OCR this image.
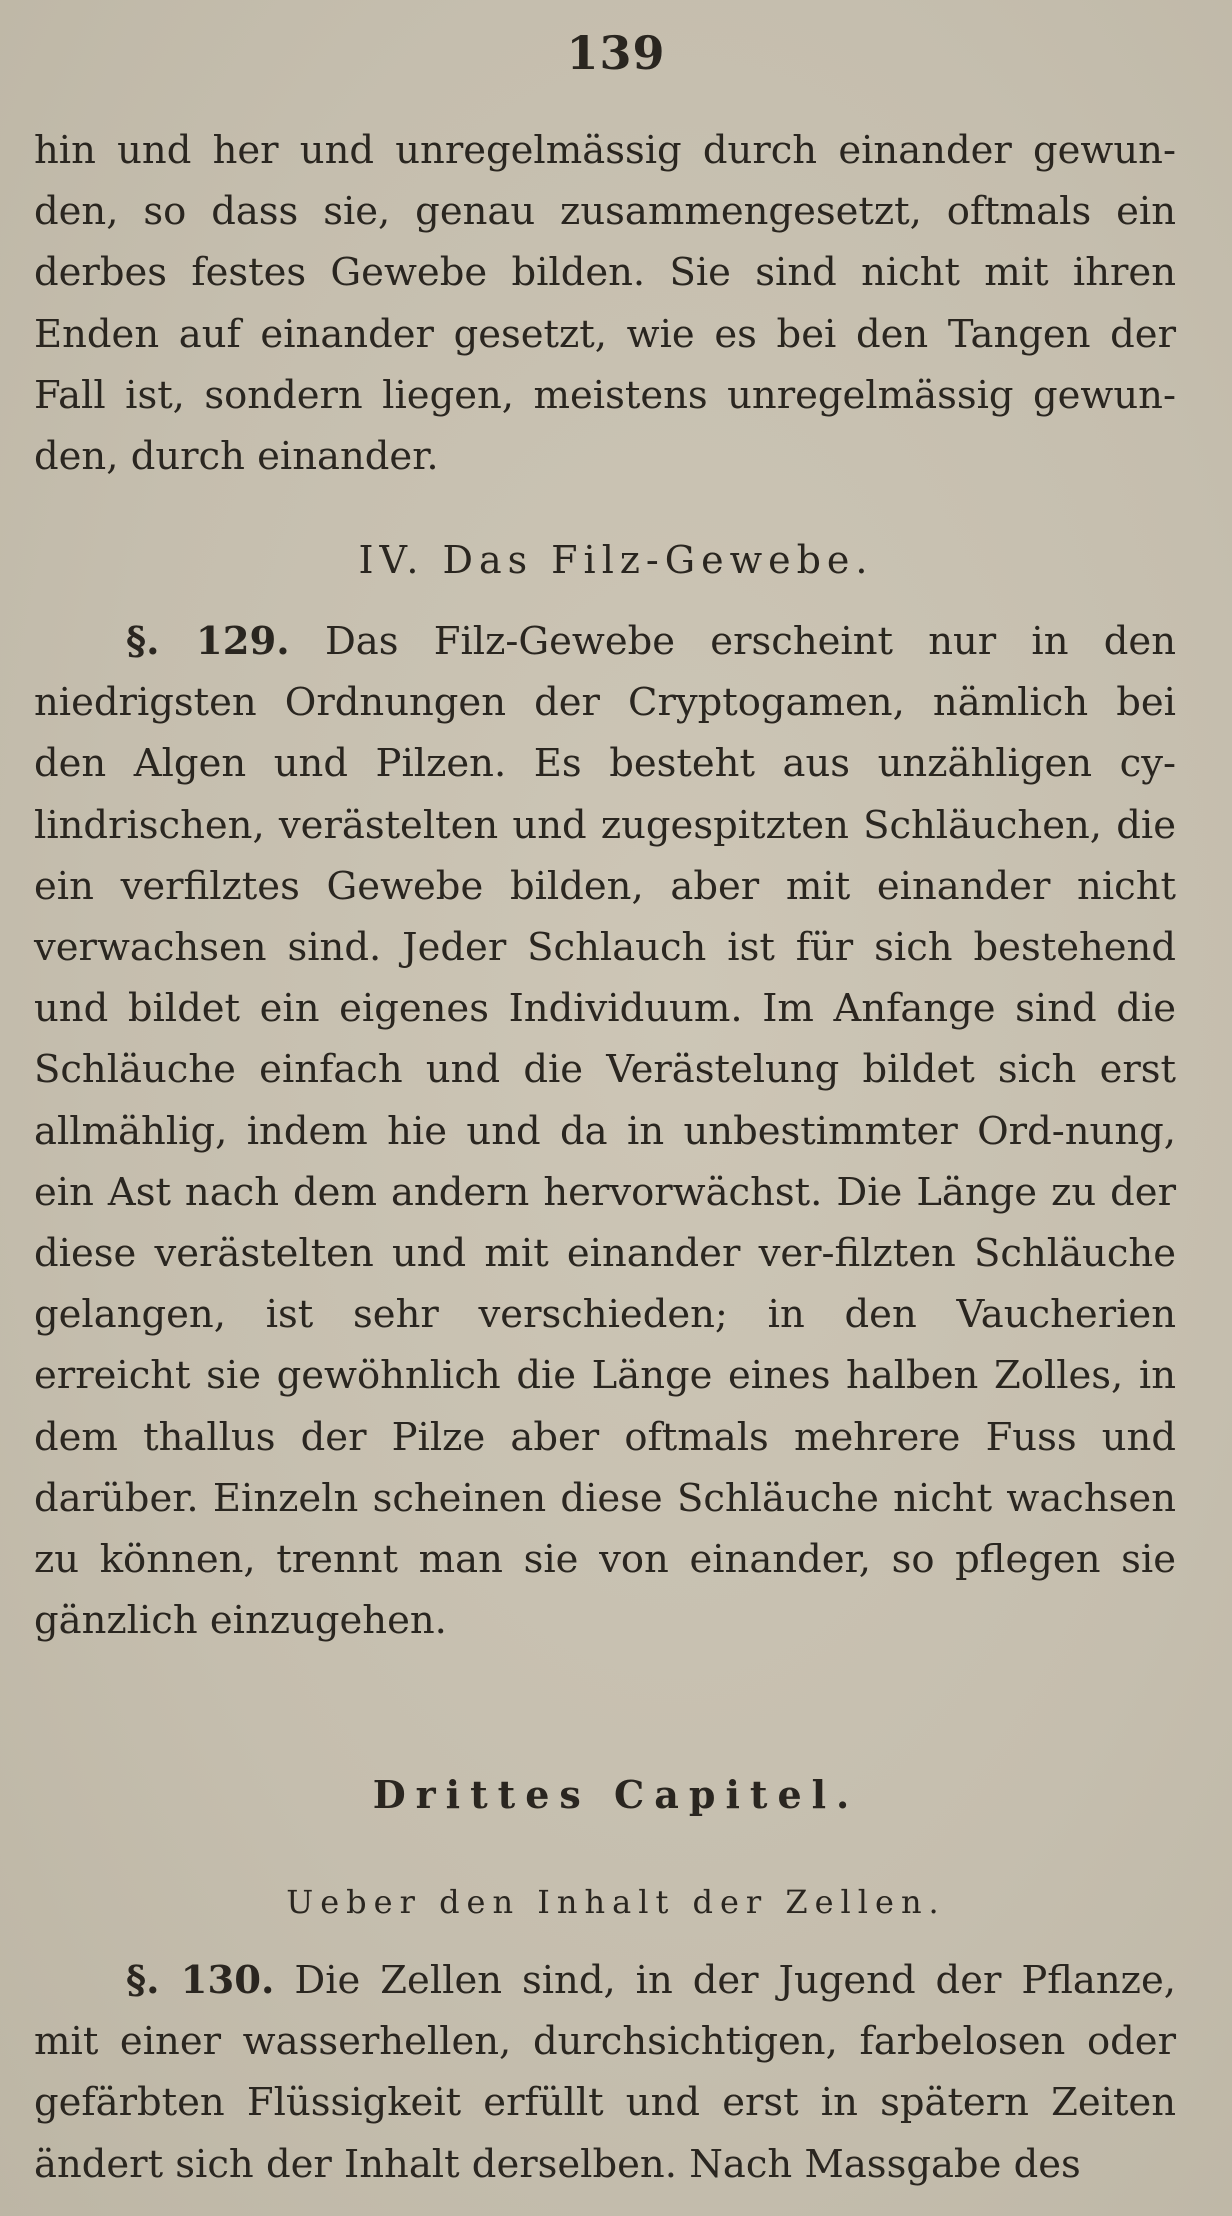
139
hin und her und unregelmässig durch einander gewun-den, so dass sie, genau zusammengesetzt, oftmals ein derbes festes Gewebe bilden. Sie sind nicht mit ihren Enden auf einander gesetzt, wie es bei den Tangen der Fall ist, sondern liegen, meistens unregelmässig gewun-den, durch einander.
IV. Das Filz-Gewebe.
§. 129. Das Filz-Gewebe erscheint nur in den niedrigsten Ordnungen der Cryptogamen, nämlich bei den Algen und Pilzen. Es besteht aus unzähligen cy-lindrischen, verästelten und zugespitzten Schläuchen, die ein verfilztes Gewebe bilden, aber mit einander nicht verwachsen sind. Jeder Schlauch ist für sich bestehend und bildet ein eigenes Individuum. Im Anfange sind die Schläuche einfach und die Verästelung bildet sich erst allmählig, indem hie und da in unbestimmter Ord-nung, ein Ast nach dem andern hervorwächst. Die Länge zu der diese verästelten und mit einander ver-filzten Schläuche gelangen, ist sehr verschieden; in den Vaucherien erreicht sie gewöhnlich die Länge eines halben Zolles, in dem thallus der Pilze aber oftmals mehrere Fuss und darüber. Einzeln scheinen diese Schläuche nicht wachsen zu können, trennt man sie von einander, so pflegen sie gänzlich einzugehen.
Drittes Capitel.
Ueber den Inhalt der Zellen.
§. 130. Die Zellen sind, in der Jugend der Pflanze, mit einer wasserhellen, durchsichtigen, farbelosen oder gefärbten Flüssigkeit erfüllt und erst in spätern Zeiten ändert sich der Inhalt derselben. Nach Massgabe des
